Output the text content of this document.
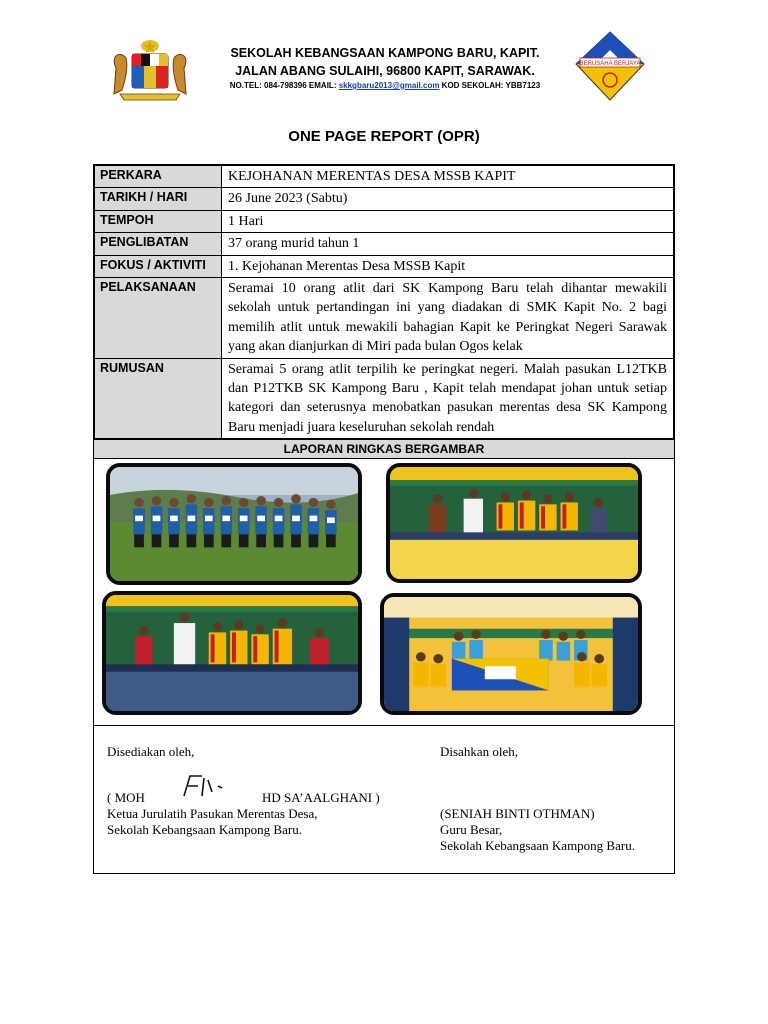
SEKOLAH KEBANGSAAN KAMPONG BARU, KAPIT.
JALAN ABANG SULAIHI, 96800 KAPIT, SARAWAK.
NO.TEL: 084-798396 EMAIL: skkgbaru2013@gmail.com KOD SEKOLAH: YBB7123
BERUSAHA BERJAYA
ONE PAGE REPORT (OPR)
PERKARA	KEJOHANAN MERENTAS DESA MSSB KAPIT
TARIKH / HARI	26 June 2023 (Sabtu)
TEMPOH	1 Hari
PENGLIBATAN	37 orang murid tahun 1
FOKUS / AKTIVITI	1. Kejohanan Merentas Desa MSSB Kapit
PELAKSANAAN	Seramai 10 orang atlit dari SK Kampong Baru telah dihantar mewakili sekolah untuk pertandingan ini yang diadakan di SMK Kapit No. 2 bagi memilih atlit untuk mewakili bahagian Kapit ke Peringkat Negeri Sarawak yang akan dianjurkan di Miri pada bulan Ogos kelak
RUMUSAN	Seramai 5 orang atlit terpilih ke peringkat negeri. Malah pasukan L12TKB dan P12TKB SK Kampong Baru , Kapit telah mendapat johan untuk setiap kategori dan seterusnya menobatkan pasukan merentas desa SK Kampong Baru menjadi juara keseluruhan sekolah rendah
LAPORAN RINGKAS BERGAMBAR
Disediakan oleh,
( MOH	HD SA’AALGHANI )
Ketua Jurulatih Pasukan Merentas Desa,
Sekolah Kebangsaan Kampong Baru.
Disahkan oleh,
(SENIAH BINTI OTHMAN)
Guru Besar,
Sekolah Kebangsaan Kampong Baru.
